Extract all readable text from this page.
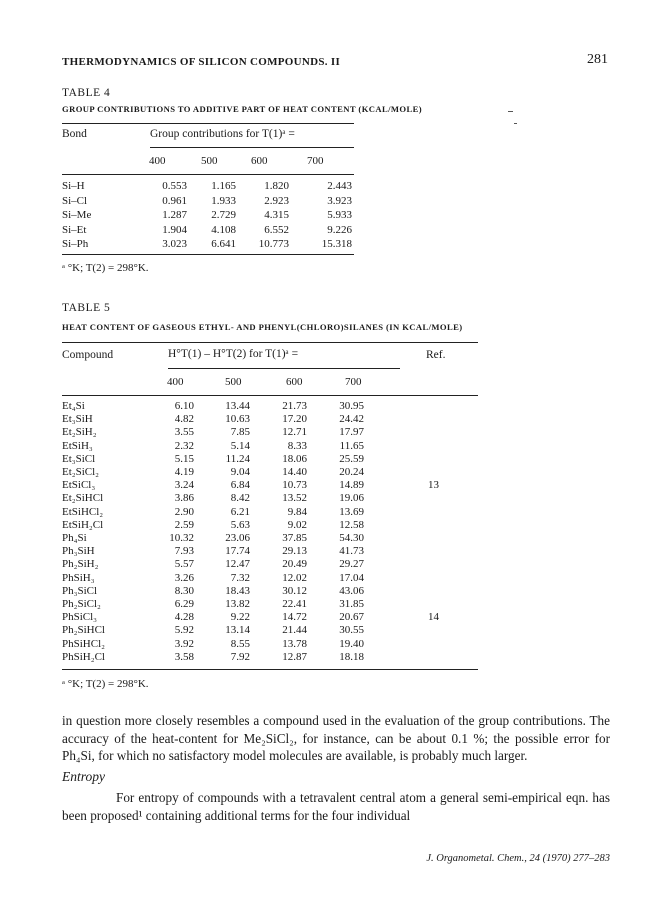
THERMODYNAMICS OF SILICON COMPOUNDS. II	281
TABLE 4
GROUP CONTRIBUTIONS TO ADDITIVE PART OF HEAT CONTENT (KCAL/MOLE)
Bond	Group contributions for T(1)ᵃ =
400	500	600	700
Si–H	0.553	1.165	1.820	2.443
Si–Cl	0.961	1.933	2.923	3.923
Si–Me	1.287	2.729	4.315	5.933
Si–Et	1.904	4.108	6.552	9.226
Si–Ph	3.023	6.641	10.773	15.318
ᵃ °K; T(2) = 298°K.
TABLE 5
HEAT CONTENT OF GASEOUS ETHYL- AND PHENYL(CHLORO)SILANES (IN KCAL/MOLE)
Compound	H°T(1) – H°T(2) for T(1)ᵃ =	Ref.
400	500	600	700
Et₄Si	6.10	13.44	21.73	30.95
Et₃SiH	4.82	10.63	17.20	24.42
Et₂SiH₂	3.55	7.85	12.71	17.97
EtSiH₃	2.32	5.14	8.33	11.65
Et₃SiCl	5.15	11.24	18.06	25.59
Et₂SiCl₂	4.19	9.04	14.40	20.24
EtSiCl₃	3.24	6.84	10.73	14.89	13
Et₂SiHCl	3.86	8.42	13.52	19.06
EtSiHCl₂	2.90	6.21	9.84	13.69
EtSiH₂Cl	2.59	5.63	9.02	12.58
Ph₄Si	10.32	23.06	37.85	54.30
Ph₃SiH	7.93	17.74	29.13	41.73
Ph₂SiH₂	5.57	12.47	20.49	29.27
PhSiH₃	3.26	7.32	12.02	17.04
Ph₃SiCl	8.30	18.43	30.12	43.06
Ph₂SiCl₂	6.29	13.82	22.41	31.85
PhSiCl₃	4.28	9.22	14.72	20.67	14
Ph₂SiHCl	5.92	13.14	21.44	30.55
PhSiHCl₂	3.92	8.55	13.78	19.40
PhSiH₂Cl	3.58	7.92	12.87	18.18
ᵃ °K; T(2) = 298°K.
in question more closely resembles a compound used in the evaluation of the group contributions. The accuracy of the heat-content for Me₂SiCl₂, for instance, can be about 0.1 %; the possible error for Ph₄Si, for which no satisfactory model molecules are available, is probably much larger.
Entropy
For entropy of compounds with a tetravalent central atom a general semi-empirical eqn. has been proposed¹ containing additional terms for the four individual
J. Organometal. Chem., 24 (1970) 277–283
